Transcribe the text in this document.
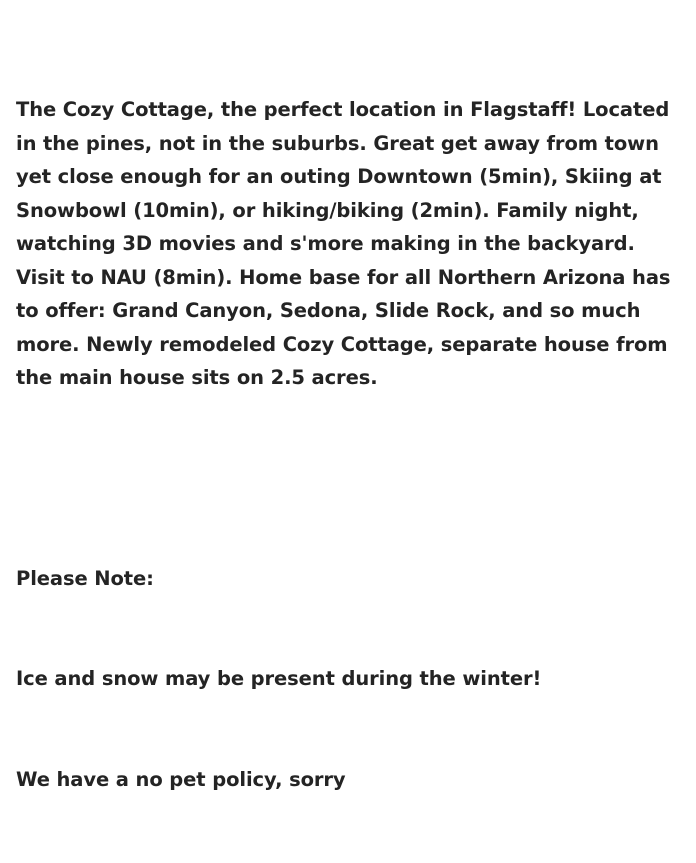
The Cozy Cottage, the perfect location in Flagstaff! Located in the pines, not in the suburbs. Great get away from town yet close enough for an outing Downtown (5min), Skiing at Snowbowl (10min), or hiking/biking (2min). Family night, watching 3D movies and s'more making in the backyard. Visit to NAU (8min). Home base for all Northern Arizona has to offer: Grand Canyon, Sedona, Slide Rock, and so much more. Newly remodeled Cozy Cottage, separate house from the main house sits on 2.5 acres.

Please Note:

Ice and snow may be present during the winter!

We have a no pet policy, sorry
